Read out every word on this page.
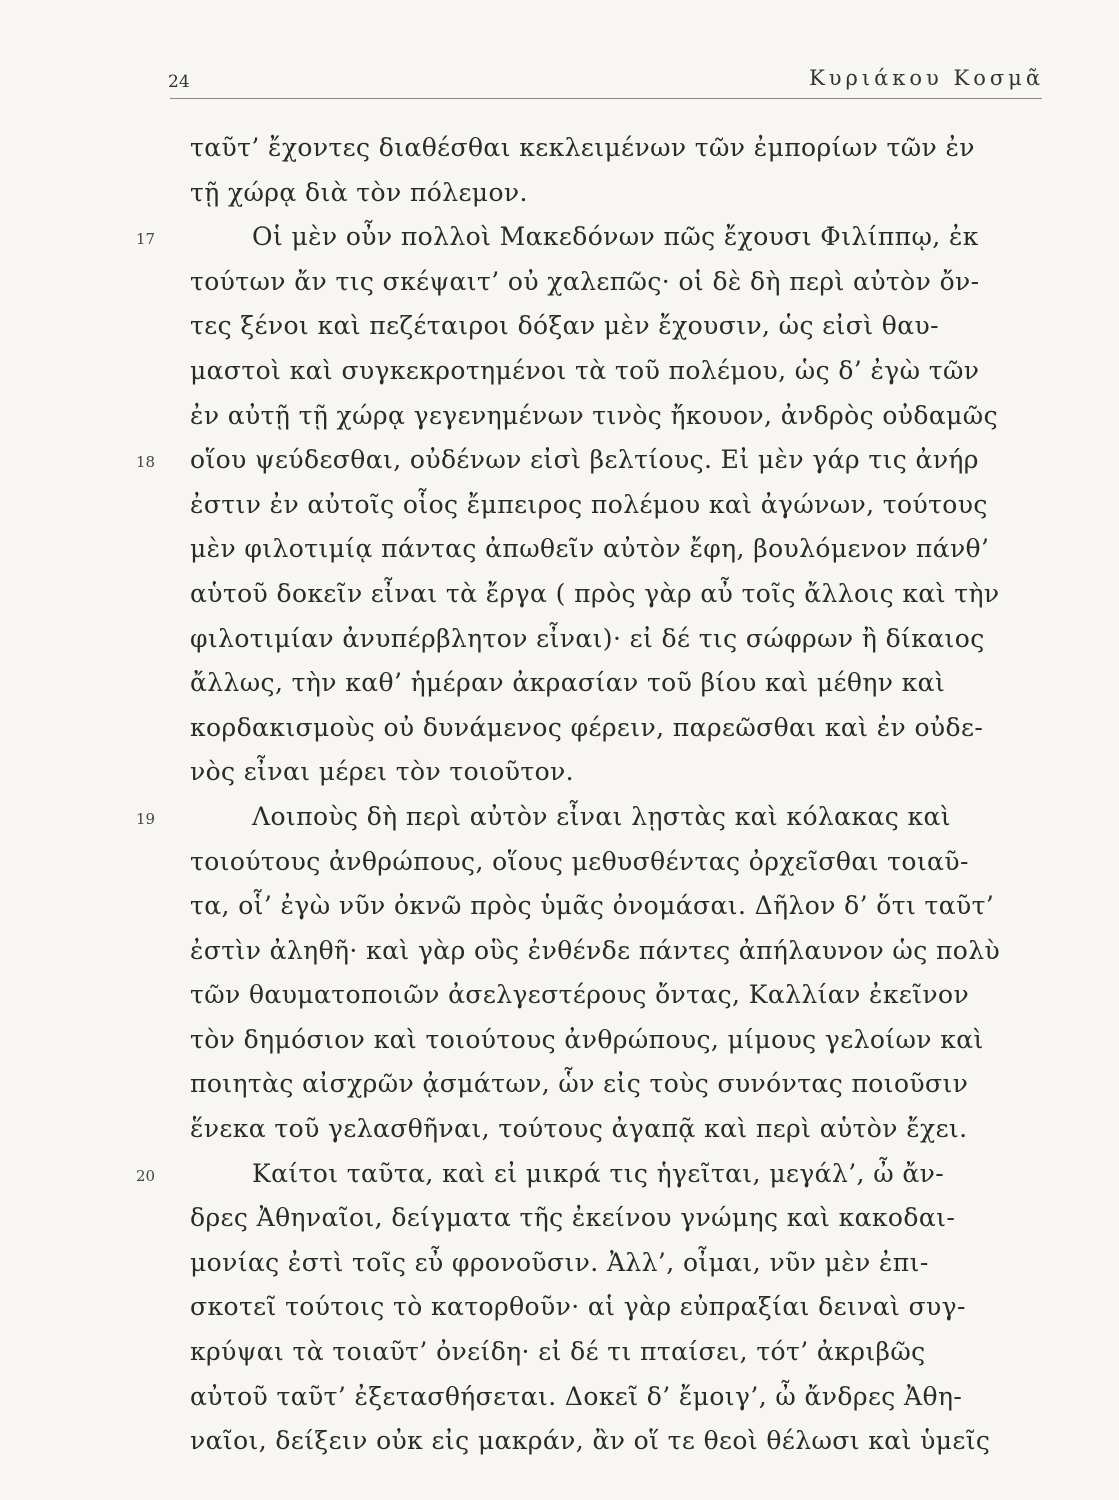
24	Κυριάκου Κοσμᾶ
ταῦτ’ ἔχοντες διαθέσθαι κεκλειμένων τῶν ἐμπορίων τῶν ἐν
τῇ χώρᾳ διὰ τὸν πόλεμον.
17	Οἱ μὲν οὖν πολλοὶ Μακεδόνων πῶς ἔχουσι Φιλίππῳ, ἐκ
τούτων ἄν τις σκέψαιτ’ οὐ χαλεπῶς· οἱ δὲ δὴ περὶ αὐτὸν ὄν-
τες ξένοι καὶ πεζέταιροι δόξαν μὲν ἔχουσιν, ὡς εἰσὶ θαυ-
μαστοὶ καὶ συγκεκροτημένοι τὰ τοῦ πολέμου, ὡς δ’ ἐγὼ τῶν
ἐν αὐτῇ τῇ χώρᾳ γεγενημένων τινὸς ἤκουον, ἀνδρὸς οὐδαμῶς
18 οἵου ψεύδεσθαι, οὐδένων εἰσὶ βελτίους. Εἰ μὲν γάρ τις ἀνήρ
ἐστιν ἐν αὐτοῖς οἷος ἔμπειρος πολέμου καὶ ἀγώνων, τούτους
μὲν φιλοτιμίᾳ πάντας ἀπωθεῖν αὐτὸν ἔφη, βουλόμενον πάνθ’
αὑτοῦ δοκεῖν εἶναι τὰ ἔργα ( πρὸς γὰρ αὖ τοῖς ἄλλοις καὶ τὴν
φιλοτιμίαν ἀνυπέρβλητον εἶναι)· εἰ δέ τις σώφρων ἢ δίκαιος
ἄλλως, τὴν καθ’ ἡμέραν ἀκρασίαν τοῦ βίου καὶ μέθην καὶ
κορδακισμοὺς οὐ δυνάμενος φέρειν, παρεῶσθαι καὶ ἐν οὐδε-
νὸς εἶναι μέρει τὸν τοιοῦτον.
19	Λοιποὺς δὴ περὶ αὐτὸν εἶναι λῃστὰς καὶ κόλακας καὶ
τοιούτους ἀνθρώπους, οἵους μεθυσθέντας ὀρχεῖσθαι τοιαῦ-
τα, οἷ’ ἐγὼ νῦν ὀκνῶ πρὸς ὑμᾶς ὀνομάσαι. Δῆλον δ’ ὅτι ταῦτ’
ἐστὶν ἀληθῆ· καὶ γὰρ οὓς ἐνθένδε πάντες ἀπήλαυνον ὡς πολὺ
τῶν θαυματοποιῶν ἀσελγεστέρους ὄντας, Καλλίαν ἐκεῖνον
τὸν δημόσιον καὶ τοιούτους ἀνθρώπους, μίμους γελοίων καὶ
ποιητὰς αἰσχρῶν ᾀσμάτων, ὧν εἰς τοὺς συνόντας ποιοῦσιν
ἕνεκα τοῦ γελασθῆναι, τούτους ἀγαπᾷ καὶ περὶ αὑτὸν ἔχει.
20	Καίτοι ταῦτα, καὶ εἰ μικρά τις ἡγεῖται, μεγάλ’, ὦ ἄν-
δρες Ἀθηναῖοι, δείγματα τῆς ἐκείνου γνώμης καὶ κακοδαι-
μονίας ἐστὶ τοῖς εὖ φρονοῦσιν. Ἀλλ’, οἶμαι, νῦν μὲν ἐπι-
σκοτεῖ τούτοις τὸ κατορθοῦν· αἱ γὰρ εὐπραξίαι δειναὶ συγ-
κρύψαι τὰ τοιαῦτ’ ὀνείδη· εἰ δέ τι πταίσει, τότ’ ἀκριβῶς
αὐτοῦ ταῦτ’ ἐξετασθήσεται. Δοκεῖ δ’ ἔμοιγ’, ὦ ἄνδρες Ἀθη-
ναῖοι, δείξειν οὐκ εἰς μακράν, ἂν οἵ τε θεοὶ θέλωσι καὶ ὑμεῖς
